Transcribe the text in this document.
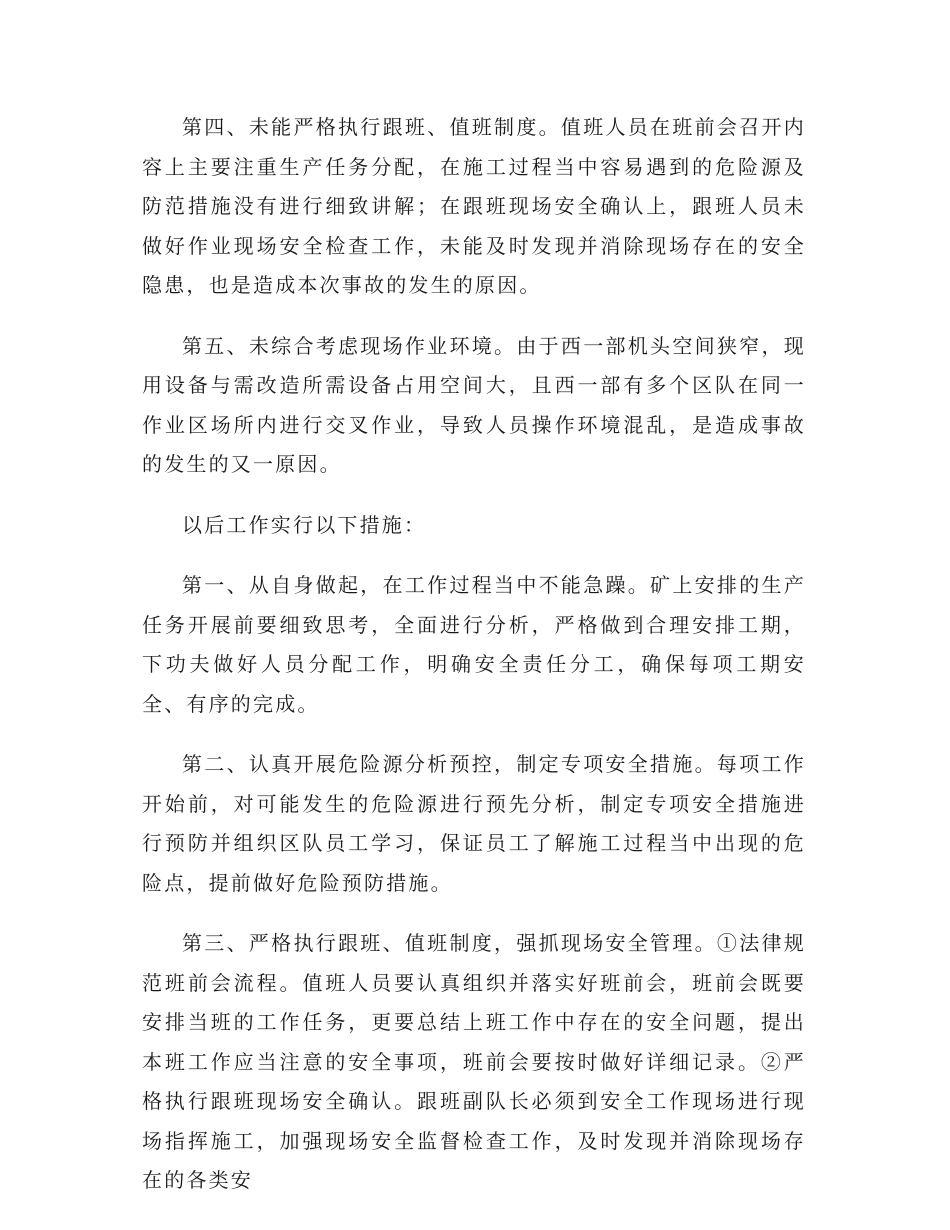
第四、未能严格执行跟班、值班制度。值班人员在班前会召开内容上主要注重生产任务分配，在施工过程当中容易遇到的危险源及防范措施没有进行细致讲解；在跟班现场安全确认上，跟班人员未做好作业现场安全检查工作，未能及时发现并消除现场存在的安全隐患，也是造成本次事故的发生的原因。

第五、未综合考虑现场作业环境。由于西一部机头空间狭窄，现用设备与需改造所需设备占用空间大，且西一部有多个区队在同一作业区场所内进行交叉作业，导致人员操作环境混乱，是造成事故的发生的又一原因。

以后工作实行以下措施：

第一、从自身做起，在工作过程当中不能急躁。矿上安排的生产任务开展前要细致思考，全面进行分析，严格做到合理安排工期，下功夫做好人员分配工作，明确安全责任分工，确保每项工期安全、有序的完成。

第二、认真开展危险源分析预控，制定专项安全措施。每项工作开始前，对可能发生的危险源进行预先分析，制定专项安全措施进行预防并组织区队员工学习，保证员工了解施工过程当中出现的危险点，提前做好危险预防措施。

第三、严格执行跟班、值班制度，强抓现场安全管理。①法律规范班前会流程。值班人员要认真组织并落实好班前会，班前会既要安排当班的工作任务，更要总结上班工作中存在的安全问题，提出本班工作应当注意的安全事项，班前会要按时做好详细记录。②严格执行跟班现场安全确认。跟班副队长必须到安全工作现场进行现场指挥施工，加强现场安全监督检查工作，及时发现并消除现场存在的各类安
